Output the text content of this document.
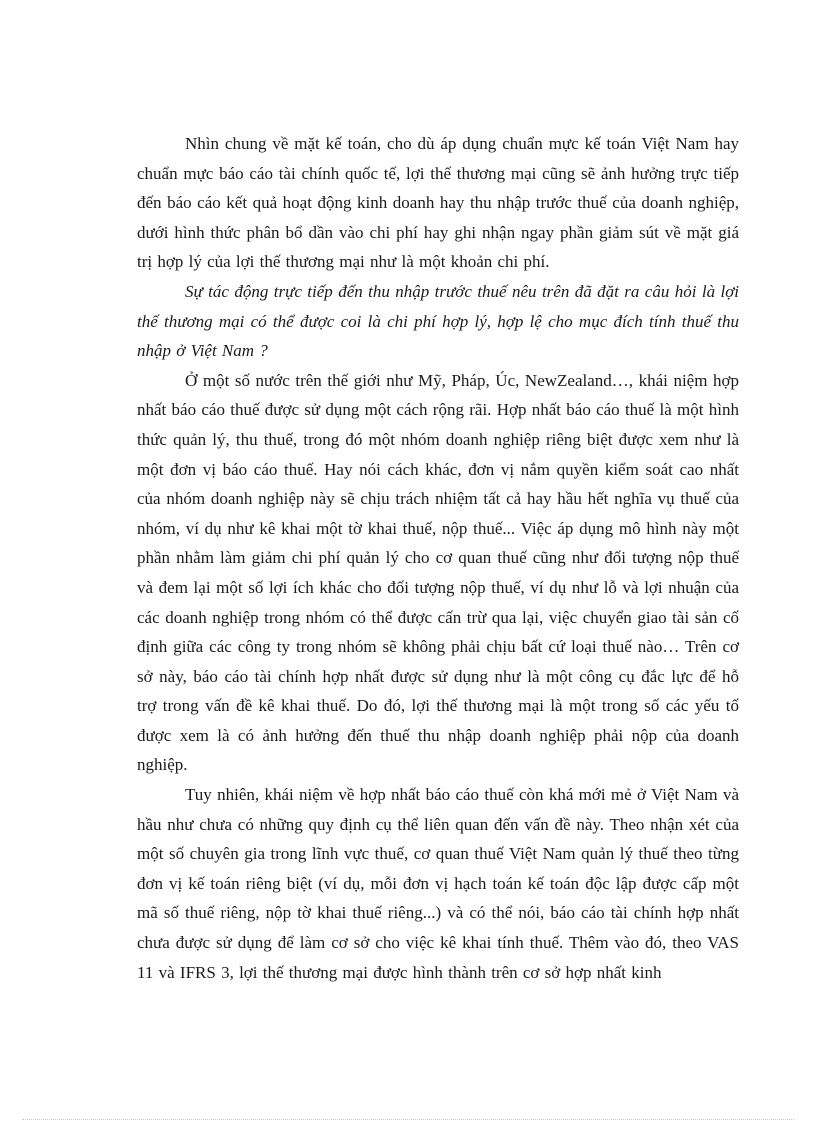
Nhìn chung về mặt kế toán, cho dù áp dụng chuẩn mực kế toán Việt Nam hay chuẩn mực báo cáo tài chính quốc tế, lợi thế thương mại cũng sẽ ảnh hưởng trực tiếp đến báo cáo kết quả hoạt động kinh doanh hay thu nhập trước thuế của doanh nghiệp, dưới hình thức phân bổ dần vào chi phí hay ghi nhận ngay phần giảm sút về mặt giá trị hợp lý của lợi thế thương mại như là một khoản chi phí.

Sự tác động trực tiếp đến thu nhập trước thuế nêu trên đã đặt ra câu hỏi là lợi thế thương mại có thể được coi là chi phí hợp lý, hợp lệ cho mục đích tính thuế thu nhập ở Việt Nam ?

Ở một số nước trên thế giới như Mỹ, Pháp, Úc, NewZealand…, khái niệm hợp nhất báo cáo thuế được sử dụng một cách rộng rãi. Hợp nhất báo cáo thuế là một hình thức quản lý, thu thuế, trong đó một nhóm doanh nghiệp riêng biệt được xem như là một đơn vị báo cáo thuế. Hay nói cách khác, đơn vị nắm quyền kiểm soát cao nhất của nhóm doanh nghiệp này sẽ chịu trách nhiệm tất cả hay hầu hết nghĩa vụ thuế của nhóm, ví dụ như kê khai một tờ khai thuế, nộp thuế... Việc áp dụng mô hình này một phần nhằm làm giảm chi phí quản lý cho cơ quan thuế cũng như đối tượng nộp thuế và đem lại một số lợi ích khác cho đối tượng nộp thuế, ví dụ như lỗ và lợi nhuận của các doanh nghiệp trong nhóm có thể được cấn trừ qua lại, việc chuyển giao tài sản cố định giữa các công ty trong nhóm sẽ không phải chịu bất cứ loại thuế nào… Trên cơ sở này, báo cáo tài chính hợp nhất được sử dụng như là một công cụ đắc lực để hỗ trợ trong vấn đề kê khai thuế. Do đó, lợi thế thương mại là một trong số các yếu tố được xem là có ảnh hưởng đến thuế thu nhập doanh nghiệp phải nộp của doanh nghiệp.

Tuy nhiên, khái niệm về hợp nhất báo cáo thuế còn khá mới mẻ ở Việt Nam và hầu như chưa có những quy định cụ thể liên quan đến vấn đề này. Theo nhận xét của một số chuyên gia trong lĩnh vực thuế, cơ quan thuế Việt Nam quản lý thuế theo từng đơn vị kế toán riêng biệt (ví dụ, mỗi đơn vị hạch toán kế toán độc lập được cấp một mã số thuế riêng, nộp tờ khai thuế riêng...) và có thể nói, báo cáo tài chính hợp nhất chưa được sử dụng để làm cơ sở cho việc kê khai tính thuế. Thêm vào đó, theo VAS 11 và IFRS 3, lợi thế thương mại được hình thành trên cơ sở hợp nhất kinh
